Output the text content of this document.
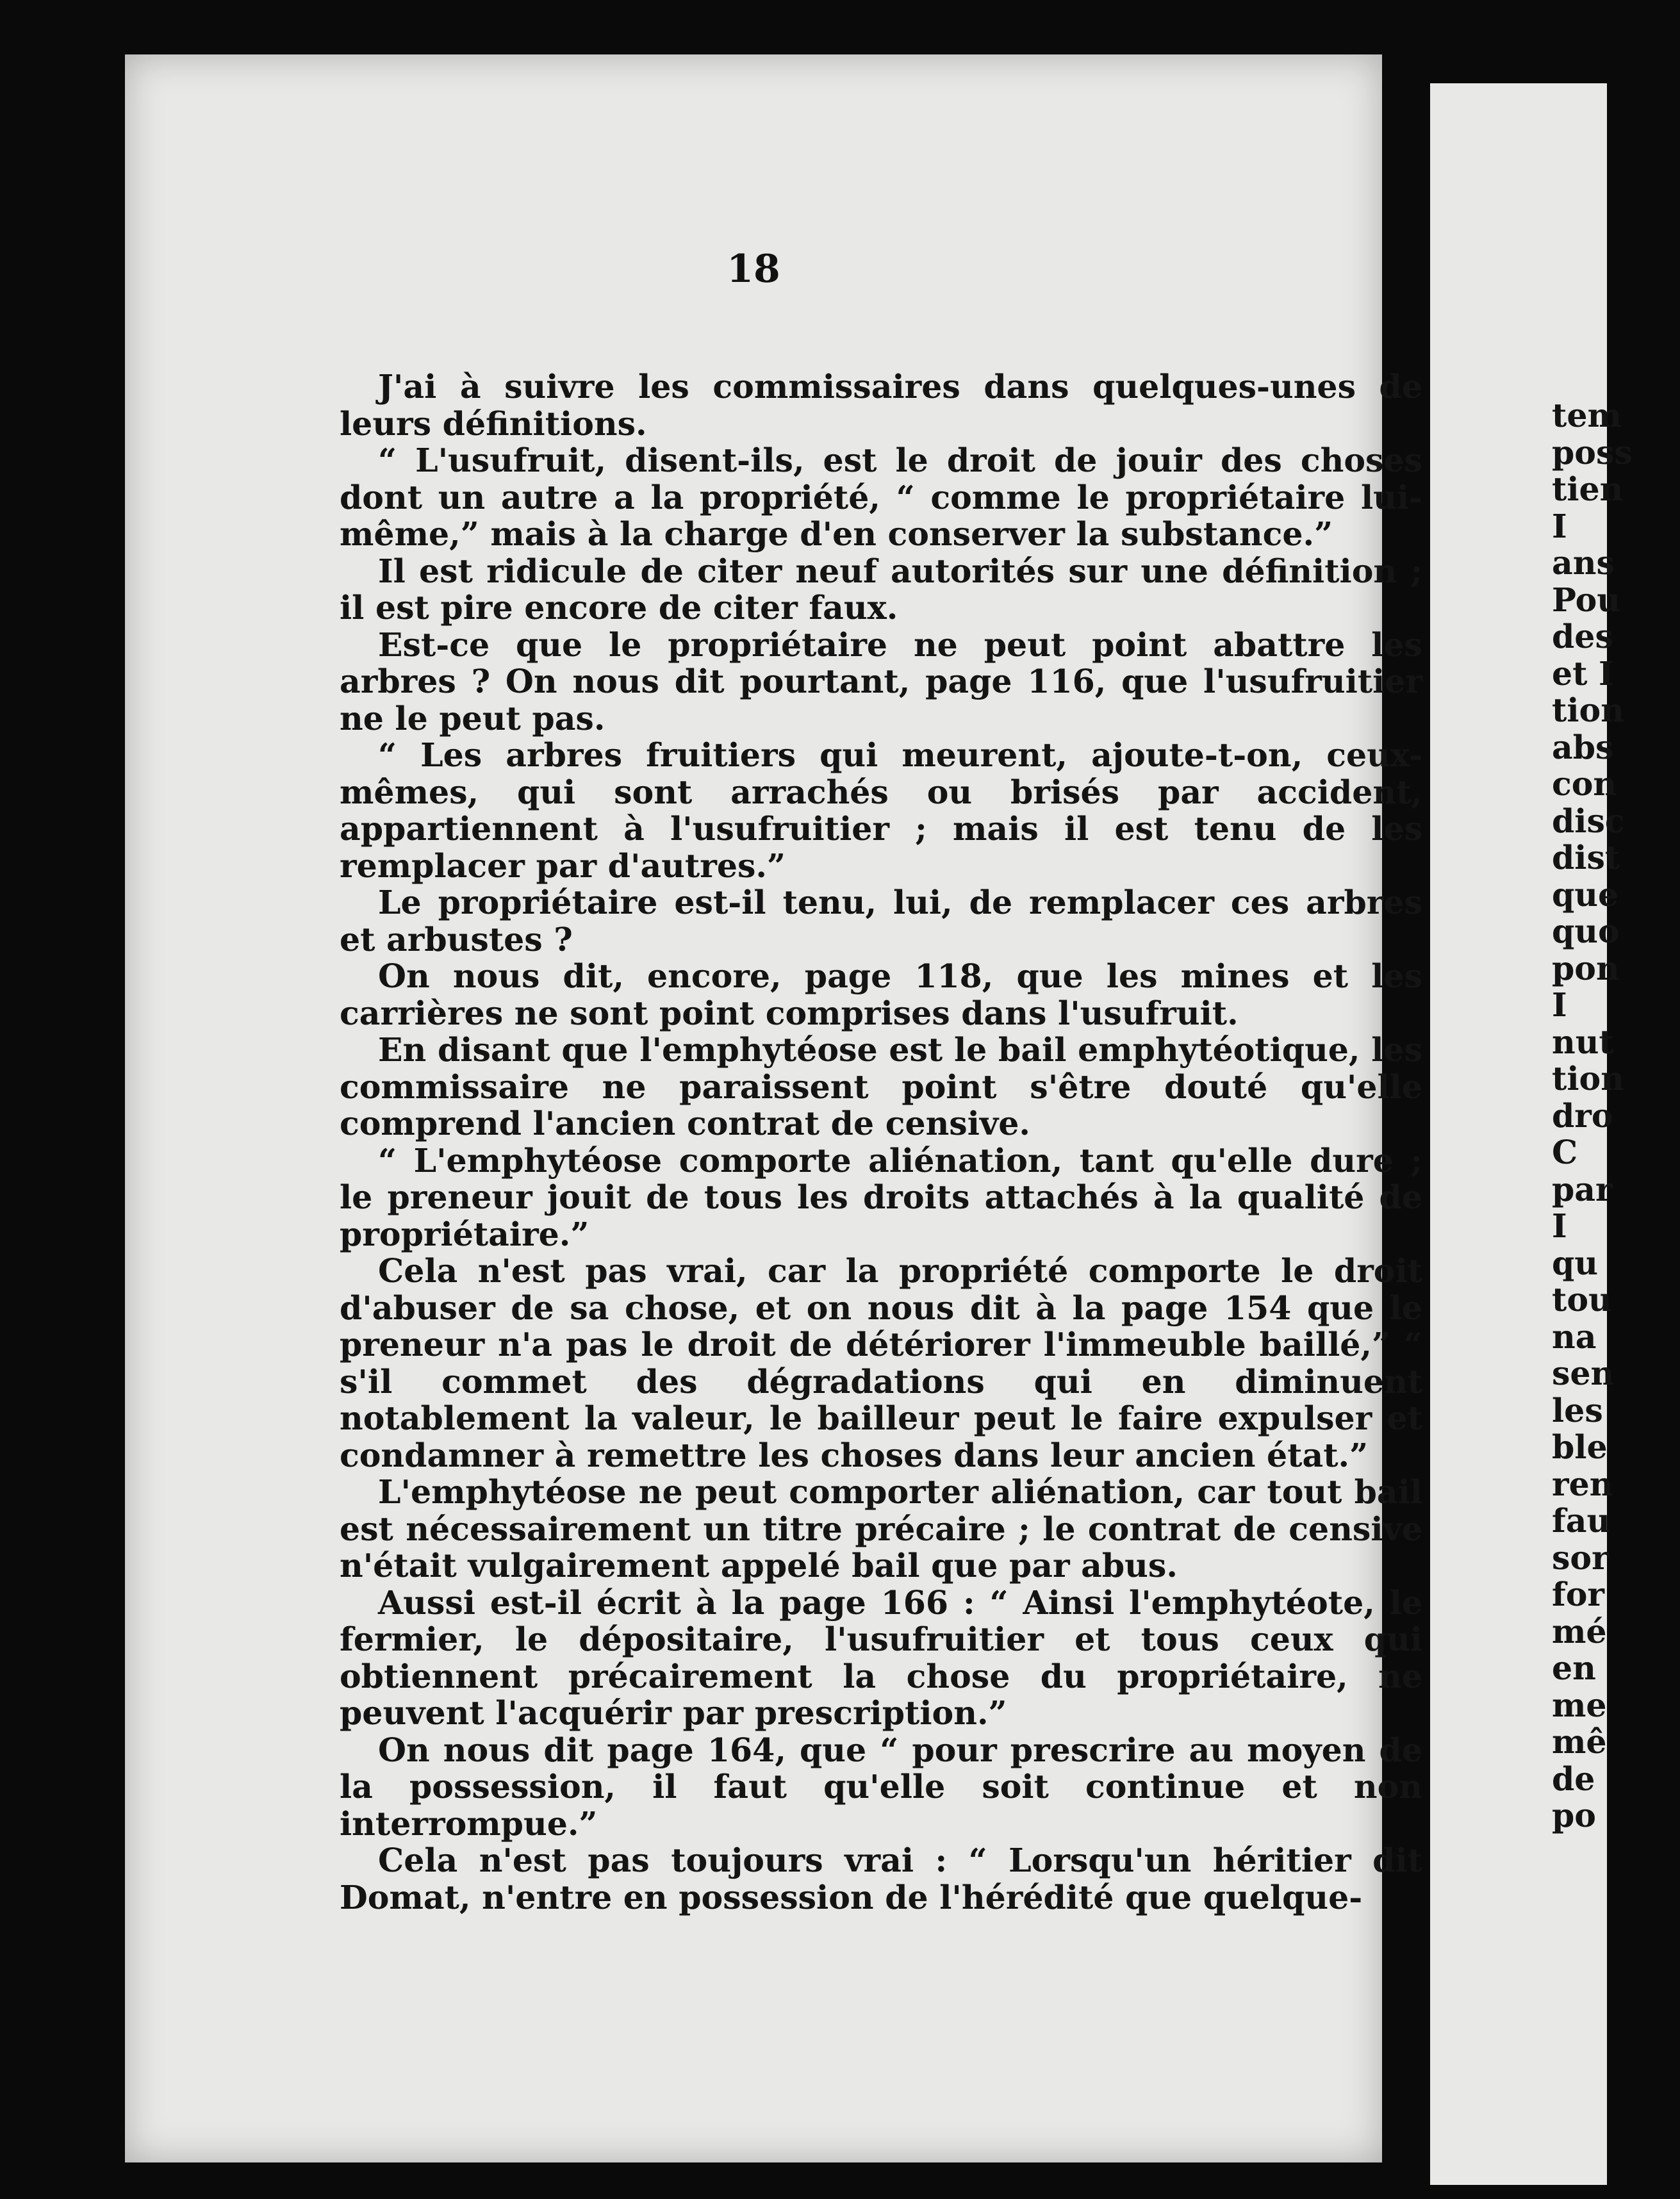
18

J'ai à suivre les commissaires dans quelques-unes de leurs définitions.

“ L'usufruit, disent-ils, est le droit de jouir des choses dont un autre a la propriété, “ comme le propriétaire lui-même,” mais à la charge d'en conserver la substance.”

Il est ridicule de citer neuf autorités sur une définition ; il est pire encore de citer faux.

Est-ce que le propriétaire ne peut point abattre les arbres ? On nous dit pourtant, page 116, que l'usufruitier ne le peut pas.

“ Les arbres fruitiers qui meurent, ajoute-t-on, ceux-mêmes, qui sont arrachés ou brisés par accident, appartiennent à l'usufruitier ; mais il est tenu de les remplacer par d'autres.”

Le propriétaire est-il tenu, lui, de remplacer ces arbres et arbustes ?

On nous dit, encore, page 118, que les mines et les carrières ne sont point comprises dans l'usufruit.

En disant que l'emphytéose est le bail emphytéotique, les commissaire ne paraissent point s'être douté qu'elle comprend l'ancien contrat de censive.

“ L'emphytéose comporte aliénation, tant qu'elle dure ; le preneur jouit de tous les droits attachés à la qualité de propriétaire.”

Cela n'est pas vrai, car la propriété comporte le droit d'abuser de sa chose, et on nous dit à la page 154 que le preneur n'a pas le droit de détériorer l'immeuble baillé,” “ s'il commet des dégradations qui en diminuent notablement la valeur, le bailleur peut le faire expulser et condamner à remettre les choses dans leur ancien état.”

L'emphytéose ne peut comporter aliénation, car tout bail est nécessairement un titre précaire ; le contrat de censive n'était vulgairement appelé bail que par abus.

Aussi est-il écrit à la page 166 : “ Ainsi l'emphytéote, le fermier, le dépositaire, l'usufruitier et tous ceux qui obtiennent précairement la chose du propriétaire, ne peuvent l'acquérir par prescription.”

On nous dit page 164, que “ pour prescrire au moyen de la possession, il faut qu'elle soit continue et non interrompue.”

Cela n'est pas toujours vrai : “ Lorsqu'un héritier dit Domat, n'entre en possession de l'hérédité que quelque-

tem
poss
tien
I
ans
Pou
des
et I
tion
abs
con
disc
dist
que
quo
pon
I
nut
tion
dro
C
par
I
qu
tou
na
sen
les
ble
ren
fau
sor
for
mé
en
me
mê
de
po
